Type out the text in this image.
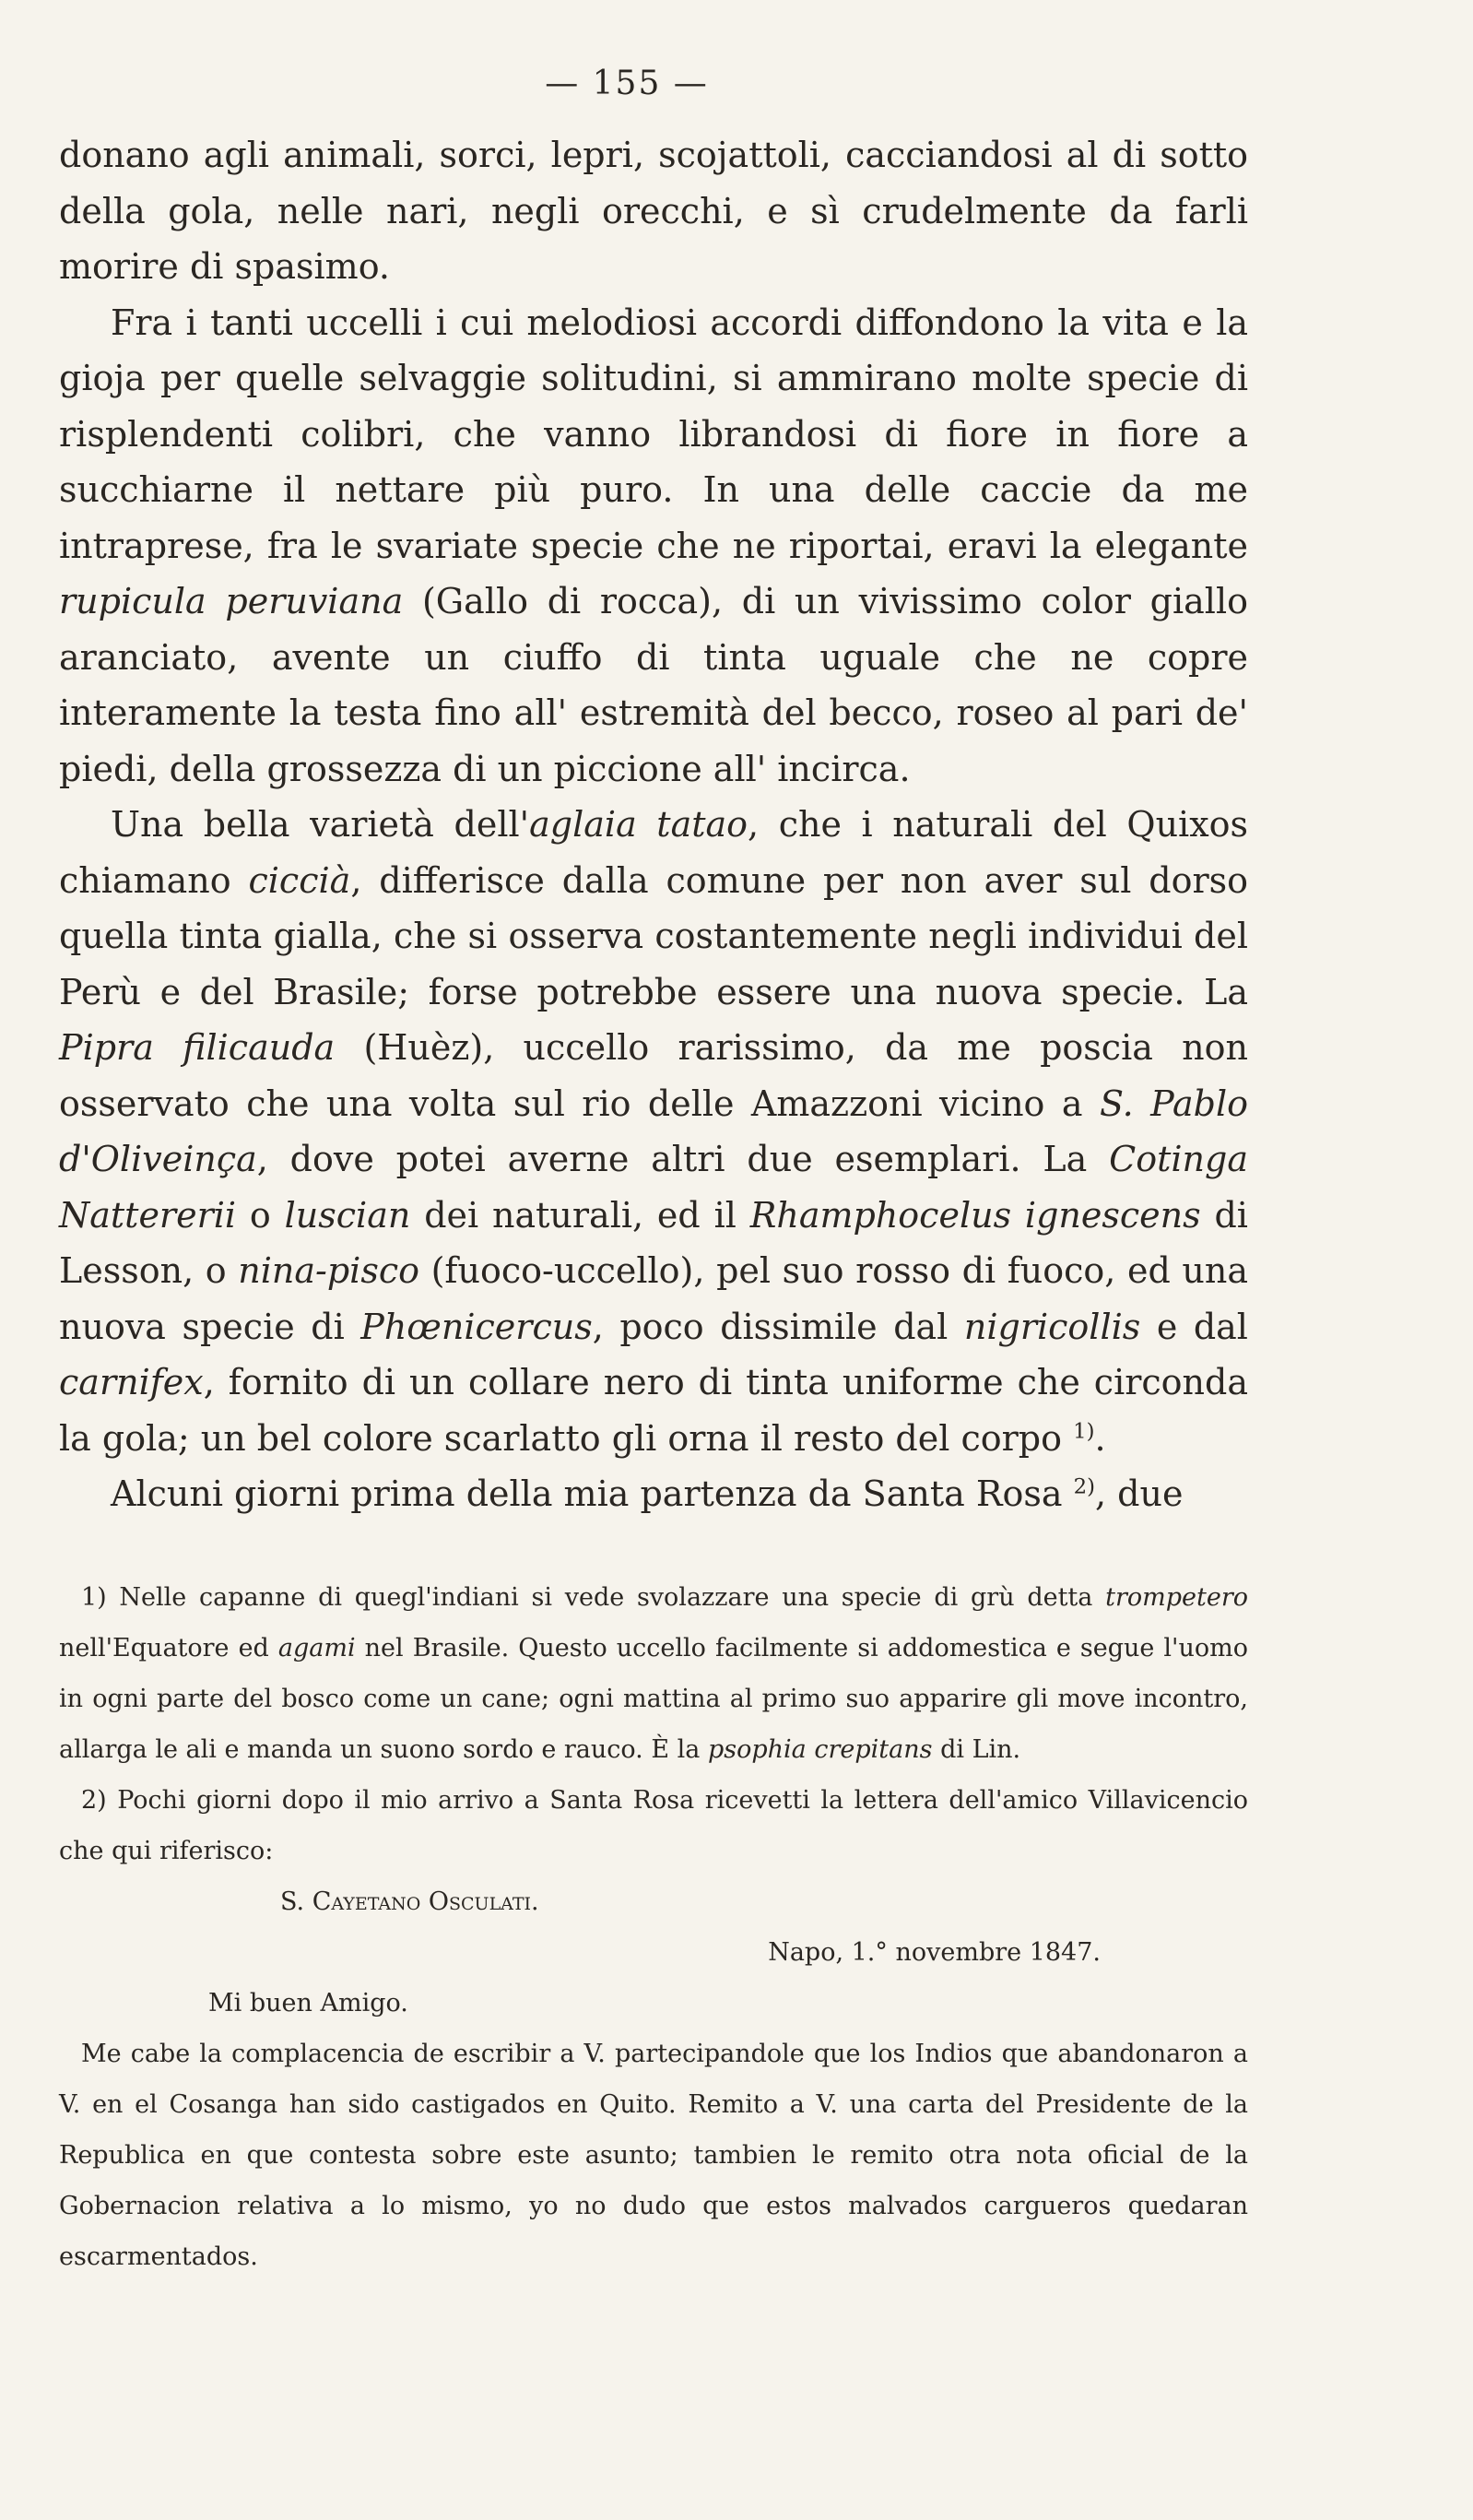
— 155 —

donano agli animali, sorci, lepri, scojattoli, cacciandosi al di sotto della gola, nelle nari, negli orecchi, e sì crudelmente da farli morire di spasimo.

Fra i tanti uccelli i cui melodiosi accordi diffondono la vita e la gioja per quelle selvaggie solitudini, si ammirano molte specie di risplendenti colibri, che vanno librandosi di fiore in fiore a succhiarne il nettare più puro. In una delle caccie da me intraprese, fra le svariate specie che ne riportai, eravi la elegante rupicula peruviana (Gallo di rocca), di un vivissimo color giallo aranciato, avente un ciuffo di tinta uguale che ne copre interamente la testa fino all' estremità del becco, roseo al pari de' piedi, della grossezza di un piccione all' incirca.

Una bella varietà dell'aglaia tatao, che i naturali del Quixos chiamano ciccià, differisce dalla comune per non aver sul dorso quella tinta gialla, che si osserva costantemente negli individui del Perù e del Brasile; forse potrebbe essere una nuova specie. La Pipra filicauda (Huèz), uccello rarissimo, da me poscia non osservato che una volta sul rio delle Amazzoni vicino a S. Pablo d'Oliveinça, dove potei averne altri due esemplari. La Cotinga Nattererii o luscian dei naturali, ed il Rhamphocelus ignescens di Lesson, o nina-pisco (fuoco-uccello), pel suo rosso di fuoco, ed una nuova specie di Phœnicercus, poco dissimile dal nigricollis e dal carnifex, fornito di un collare nero di tinta uniforme che circonda la gola; un bel colore scarlatto gli orna il resto del corpo $^{1)}$.

Alcuni giorni prima della mia partenza da Santa Rosa $^{2)}$, due

1) Nelle capanne di quegl'indiani si vede svolazzare una specie di grù detta trompetero nell'Equatore ed agami nel Brasile. Questo uccello facilmente si addomestica e segue l'uomo in ogni parte del bosco come un cane; ogni mattina al primo suo apparire gli move incontro, allarga le ali e manda un suono sordo e rauco. È la psophia crepitans di Lin.

2) Pochi giorni dopo il mio arrivo a Santa Rosa ricevetti la lettera dell'amico Villavicencio che qui riferisco:

S. Cayetano Osculati.

Napo, 1.° novembre 1847.

Mi buen Amigo.

Me cabe la complacencia de escribir a V. partecipandole que los Indios que abandonaron a V. en el Cosanga han sido castigados en Quito. Remito a V. una carta del Presidente de la Republica en que contesta sobre este asunto; tambien le remito otra nota oficial de la Gobernacion relativa a lo mismo, yo no dudo que estos malvados cargueros quedaran escarmentados.
